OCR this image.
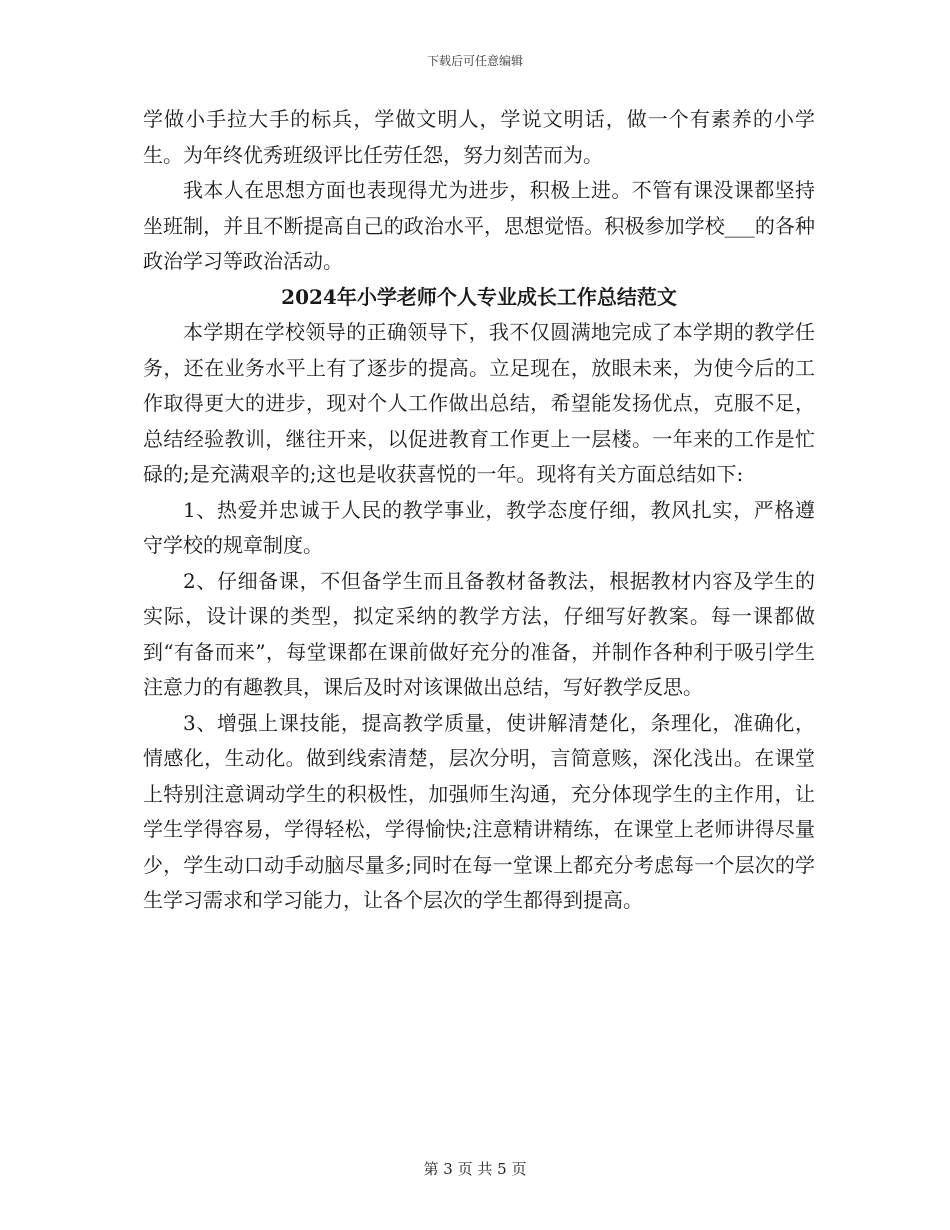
下载后可任意编辑

学做小手拉大手的标兵，学做文明人，学说文明话，做一个有素养的小学生。为年终优秀班级评比任劳任怨，努力刻苦而为。

我本人在思想方面也表现得尤为进步，积极上进。不管有课没课都坚持坐班制，并且不断提高自己的政治水平，思想觉悟。积极参加学校___的各种政治学习等政治活动。

2024年小学老师个人专业成长工作总结范文

本学期在学校领导的正确领导下，我不仅圆满地完成了本学期的教学任务，还在业务水平上有了逐步的提高。立足现在，放眼未来，为使今后的工作取得更大的进步，现对个人工作做出总结，希望能发扬优点，克服不足，总结经验教训，继往开来，以促进教育工作更上一层楼。一年来的工作是忙碌的;是充满艰辛的;这也是收获喜悦的一年。现将有关方面总结如下:

1、热爱并忠诚于人民的教学事业，教学态度仔细，教风扎实，严格遵守学校的规章制度。

2、仔细备课，不但备学生而且备教材备教法，根据教材内容及学生的实际，设计课的类型，拟定采纳的教学方法，仔细写好教案。每一课都做到“有备而来”，每堂课都在课前做好充分的准备，并制作各种利于吸引学生注意力的有趣教具，课后及时对该课做出总结，写好教学反思。

3、增强上课技能，提高教学质量，使讲解清楚化，条理化，准确化，情感化，生动化。做到线索清楚，层次分明，言简意赅，深化浅出。在课堂上特别注意调动学生的积极性，加强师生沟通，充分体现学生的主作用，让学生学得容易，学得轻松，学得愉快;注意精讲精练，在课堂上老师讲得尽量少，学生动口动手动脑尽量多;同时在每一堂课上都充分考虑每一个层次的学生学习需求和学习能力，让各个层次的学生都得到提高。

第 3 页 共 5 页
